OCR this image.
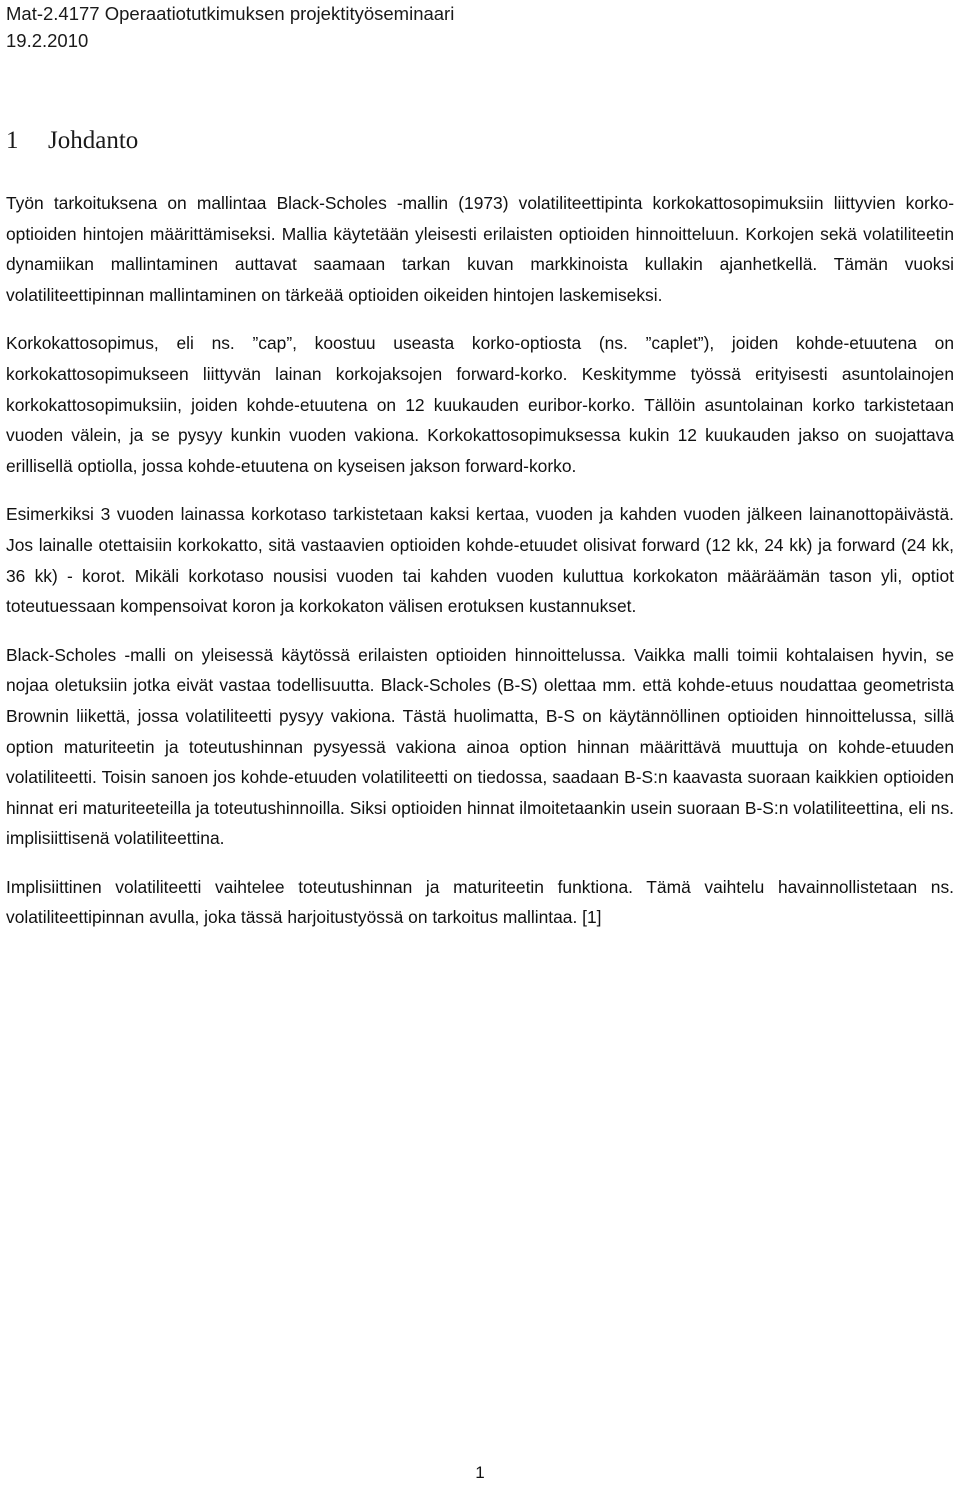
Mat-2.4177 Operaatiotutkimuksen projektityöseminaari
19.2.2010
1 Johdanto

Työn tarkoituksena on mallintaa Black-Scholes -mallin (1973) volatiliteettipinta korkokattosopimuksiin liittyvien korko-optioiden hintojen määrittämiseksi. Mallia käytetään yleisesti erilaisten optioiden hinnoitteluun. Korkojen sekä volatiliteetin dynamiikan mallintaminen auttavat saamaan tarkan kuvan markkinoista kullakin ajanhetkellä. Tämän vuoksi volatiliteettipinnan mallintaminen on tärkeää optioiden oikeiden hintojen laskemiseksi.

Korkokattosopimus, eli ns. ”cap”, koostuu useasta korko-optiosta (ns. ”caplet”), joiden kohde-etuutena on korkokattosopimukseen liittyvän lainan korkojaksojen forward-korko. Keskitymme työssä erityisesti asuntolainojen korkokattosopimuksiin, joiden kohde-etuutena on 12 kuukauden euribor-korko. Tällöin asuntolainan korko tarkistetaan vuoden välein, ja se pysyy kunkin vuoden vakiona. Korkokattosopimuksessa kukin 12 kuukauden jakso on suojattava erillisellä optiolla, jossa kohde-etuutena on kyseisen jakson forward-korko.

Esimerkiksi 3 vuoden lainassa korkotaso tarkistetaan kaksi kertaa, vuoden ja kahden vuoden jälkeen lainanottopäivästä. Jos lainalle otettaisiin korkokatto, sitä vastaavien optioiden kohde-etuudet olisivat forward (12 kk, 24 kk) ja forward (24 kk, 36 kk) - korot. Mikäli korkotaso nousisi vuoden tai kahden vuoden kuluttua korkokaton määräämän tason yli, optiot toteutuessaan kompensoivat koron ja korkokaton välisen erotuksen kustannukset.

Black-Scholes -malli on yleisessä käytössä erilaisten optioiden hinnoittelussa. Vaikka malli toimii kohtalaisen hyvin, se nojaa oletuksiin jotka eivät vastaa todellisuutta. Black-Scholes (B-S) olettaa mm. että kohde-etuus noudattaa geometrista Brownin liikettä, jossa volatiliteetti pysyy vakiona. Tästä huolimatta, B-S on käytännöllinen optioiden hinnoittelussa, sillä option maturiteetin ja toteutushinnan pysyessä vakiona ainoa option hinnan määrittävä muuttuja on kohde-etuuden volatiliteetti. Toisin sanoen jos kohde-etuuden volatiliteetti on tiedossa, saadaan B-S:n kaavasta suoraan kaikkien optioiden hinnat eri maturiteeteilla ja toteutushinnoilla. Siksi optioiden hinnat ilmoitetaankin usein suoraan B-S:n volatiliteettina, eli ns. implisiittisenä volatiliteettina.

Implisiittinen volatiliteetti vaihtelee toteutushinnan ja maturiteetin funktiona. Tämä vaihtelu havainnollistetaan ns. volatiliteettipinnan avulla, joka tässä harjoitustyössä on tarkoitus mallintaa. [1]

1
